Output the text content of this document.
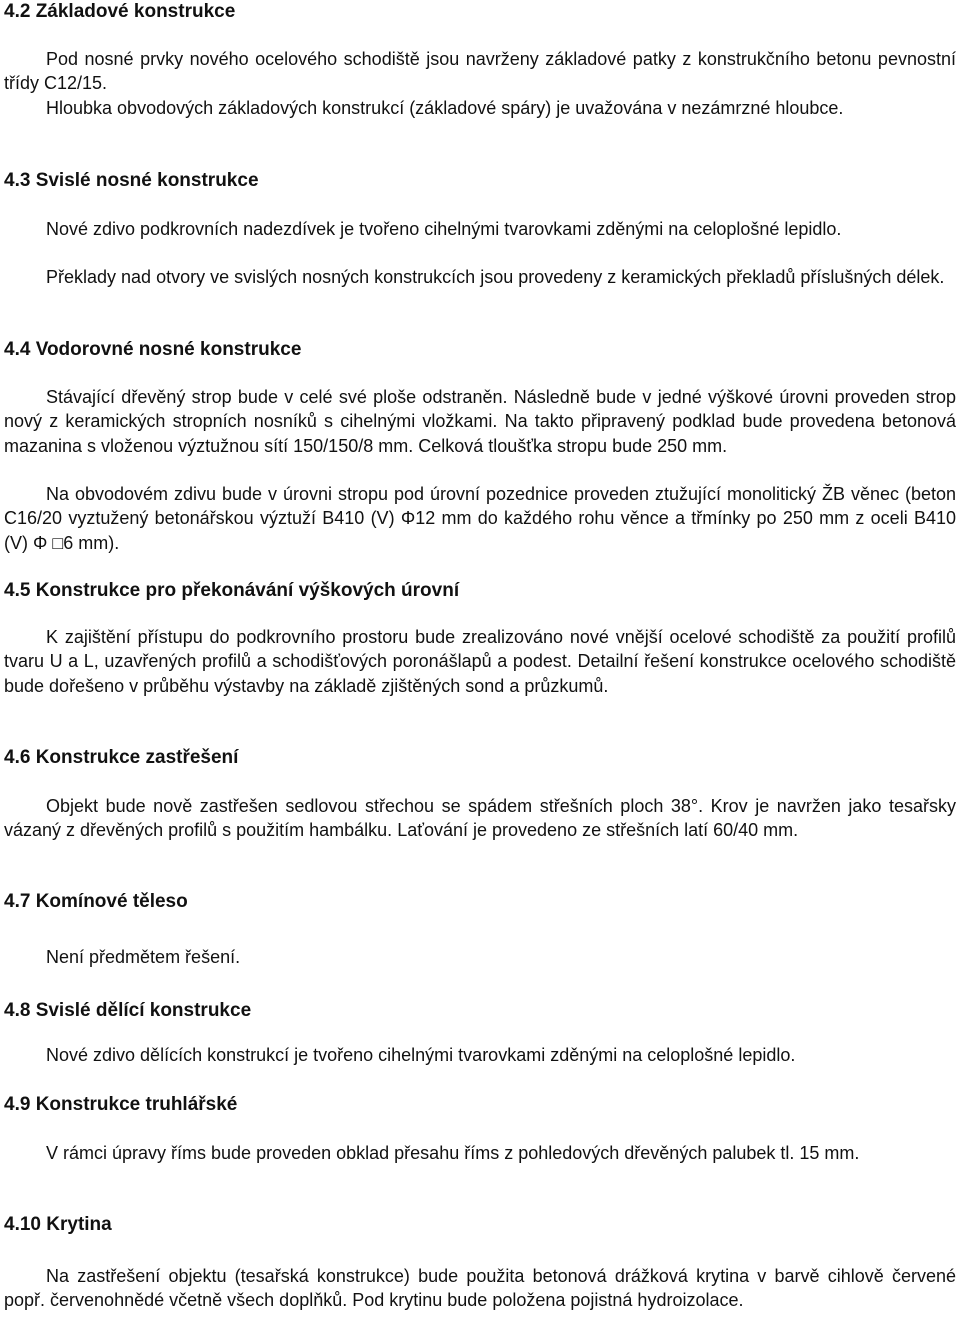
4.2 Základové konstrukce

Pod nosné prvky nového ocelového schodiště jsou navrženy základové patky z konstrukčního betonu pevnostní třídy C12/15.

Hloubka obvodových základových konstrukcí (základové spáry) je uvažována v nezámrzné hloubce.

4.3 Svislé nosné konstrukce

Nové zdivo podkrovních nadezdívek je tvořeno cihelnými tvarovkami zděnými na celoplošné lepidlo.

Překlady nad otvory ve svislých nosných konstrukcích jsou provedeny z keramických překladů příslušných délek.

4.4 Vodorovné nosné konstrukce

Stávající dřevěný strop bude v celé své ploše odstraněn. Následně bude v jedné výškové úrovni proveden strop nový z keramických stropních nosníků s cihelnými vložkami. Na takto připravený podklad bude provedena betonová mazanina s vloženou výztužnou sítí 150/150/8 mm. Celková tloušťka stropu bude 250 mm.

Na obvodovém zdivu bude v úrovni stropu pod úrovní pozednice proveden ztužující monolitický ŽB věnec (beton C16/20 vyztužený betonářskou výztuží B410 (V) Φ12 mm do každého rohu věnce a třmínky po 250 mm z oceli B410 (V) Φ □6 mm).

4.5 Konstrukce pro překonávání výškových úrovní

K zajištění přístupu do podkrovního prostoru bude zrealizováno nové vnější ocelové schodiště za použití profilů tvaru U a L, uzavřených profilů a schodišťových poronášlapů a podest. Detailní řešení konstrukce ocelového schodiště bude dořešeno v průběhu výstavby na základě zjištěných sond a průzkumů.

4.6 Konstrukce zastřešení

Objekt bude nově zastřešen sedlovou střechou se spádem střešních ploch 38°. Krov je navržen jako tesařsky vázaný z dřevěných profilů s použitím hambálku. Laťování je provedeno ze střešních latí 60/40 mm.

4.7 Komínové těleso

Není předmětem řešení.

4.8 Svislé dělící konstrukce

Nové zdivo dělících konstrukcí je tvořeno cihelnými tvarovkami zděnými na celoplošné lepidlo.

4.9 Konstrukce truhlářské

V rámci úpravy říms bude proveden obklad přesahu říms z pohledových dřevěných palubek tl. 15 mm.

4.10 Krytina

Na zastřešení objektu (tesařská konstrukce) bude použita betonová drážková krytina v barvě cihlově červené popř. červenohnědé včetně všech doplňků. Pod krytinu bude položena pojistná hydroizolace.
